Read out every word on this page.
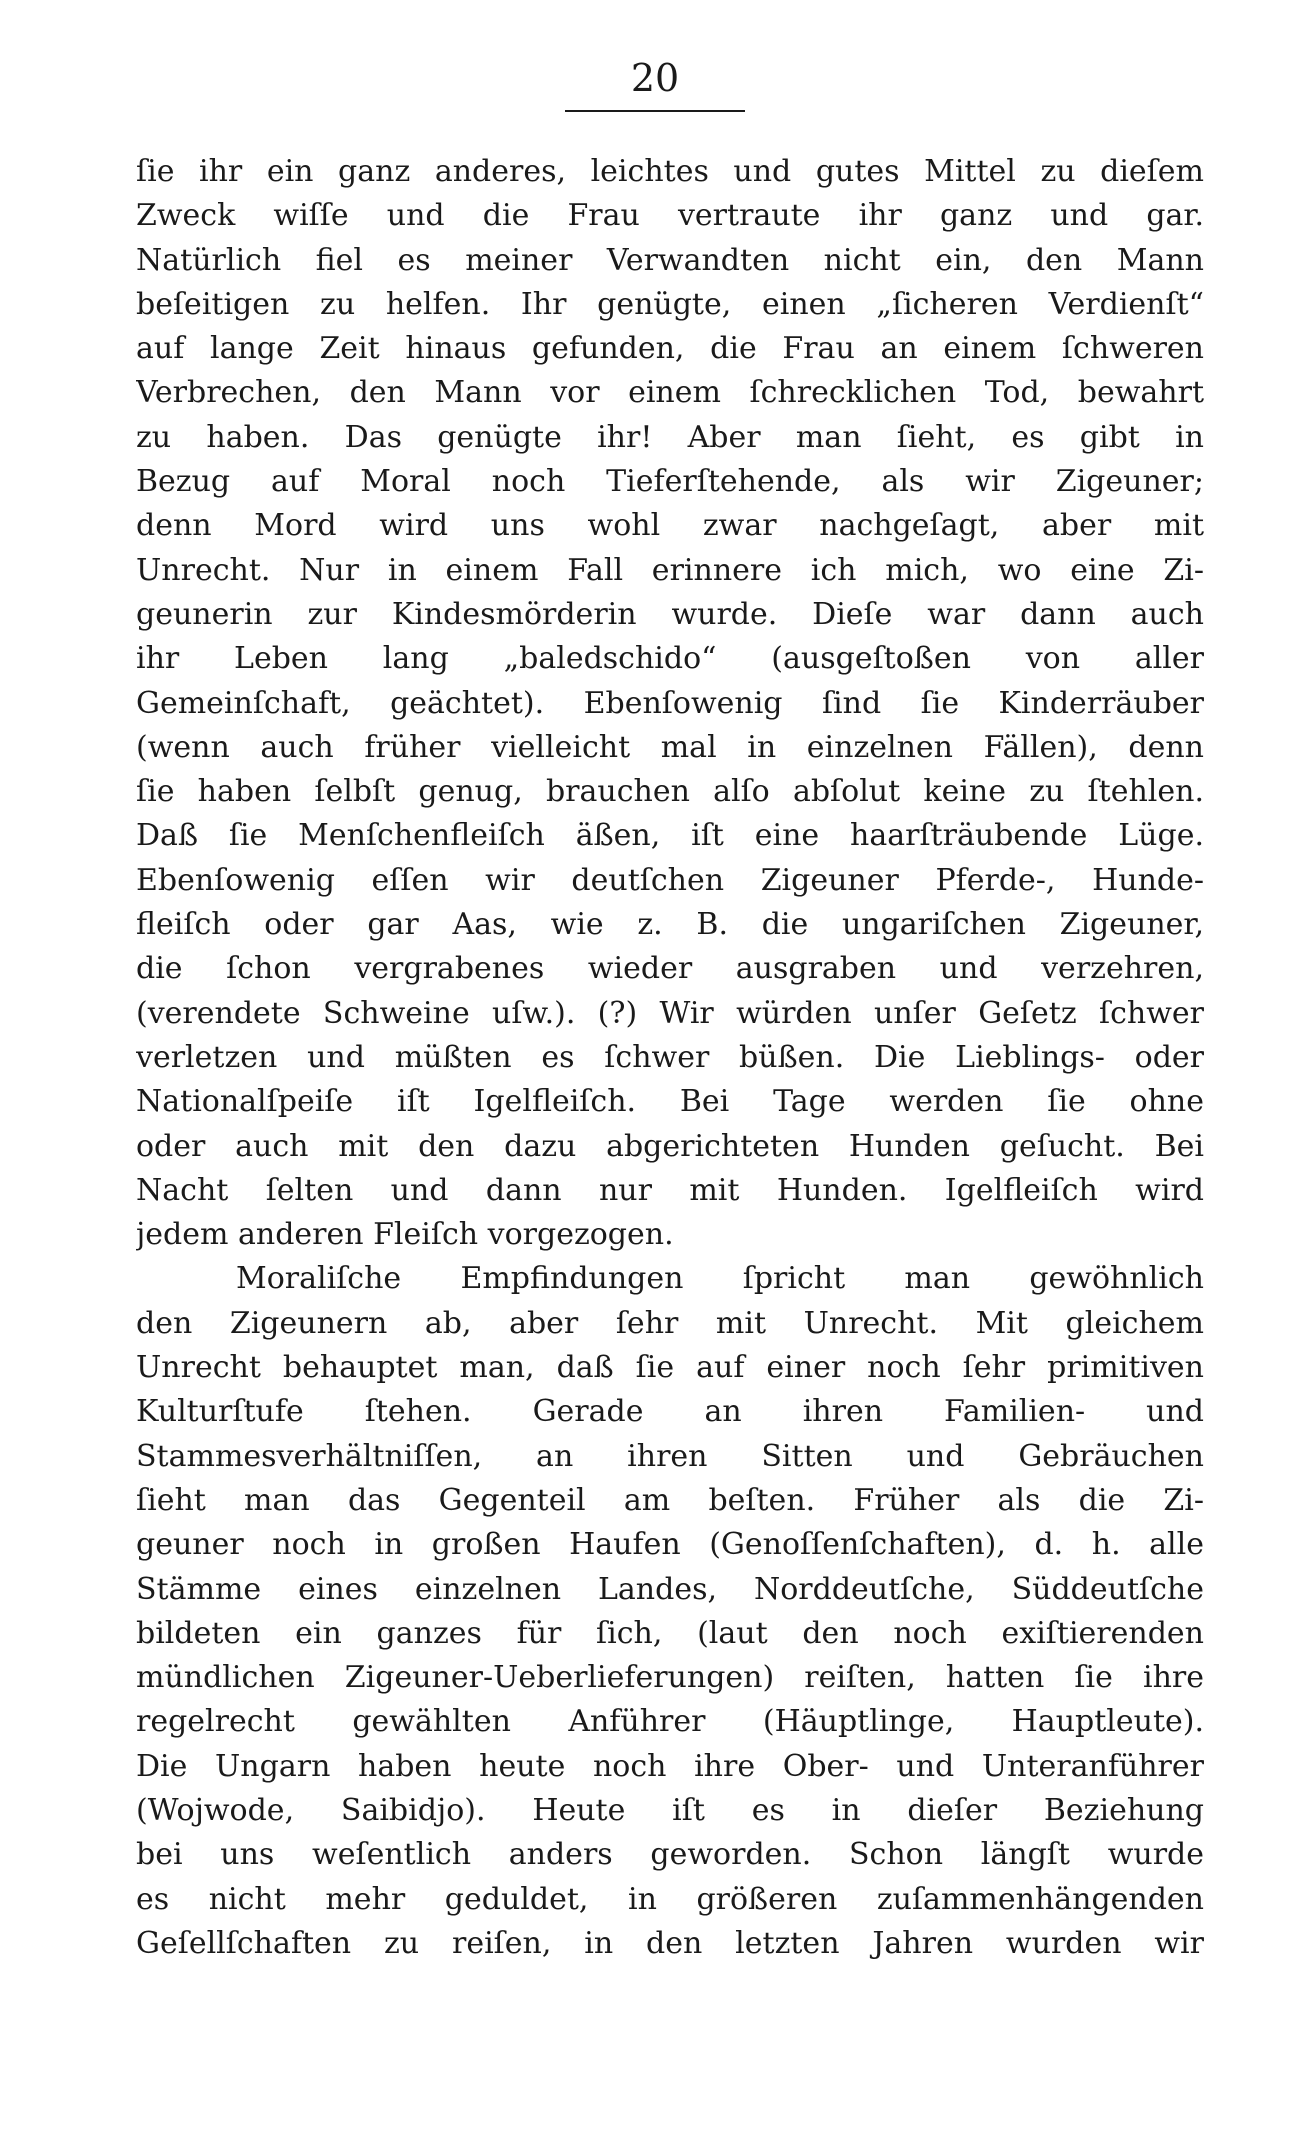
20
ſie ihr ein ganz anderes, leichtes und gutes Mittel zu dieſem
Zweck wiſſe und die Frau vertraute ihr ganz und gar.
Natürlich fiel es meiner Verwandten nicht ein, den Mann
beſeitigen zu helfen. Ihr genügte, einen „ſicheren Verdienſt“
auf lange Zeit hinaus gefunden, die Frau an einem ſchweren
Verbrechen, den Mann vor einem ſchrecklichen Tod, bewahrt
zu haben. Das genügte ihr! Aber man ſieht, es gibt in
Bezug auf Moral noch Tieferſtehende, als wir Zigeuner;
denn Mord wird uns wohl zwar nachgeſagt, aber mit
Unrecht. Nur in einem Fall erinnere ich mich, wo eine Zi-
geunerin zur Kindesmörderin wurde. Dieſe war dann auch
ihr Leben lang „baledschido“ (ausgeſtoßen von aller
Gemeinſchaft, geächtet). Ebenſowenig ſind ſie Kinderräuber
(wenn auch früher vielleicht mal in einzelnen Fällen), denn
ſie haben ſelbſt genug, brauchen alſo abſolut keine zu ſtehlen.
Daß ſie Menſchenfleiſch äßen, iſt eine haarſträubende Lüge.
Ebenſowenig eſſen wir deutſchen Zigeuner Pferde-, Hunde-
fleiſch oder gar Aas, wie z. B. die ungariſchen Zigeuner,
die ſchon vergrabenes wieder ausgraben und verzehren,
(verendete Schweine uſw.). (?) Wir würden unſer Geſetz ſchwer
verletzen und müßten es ſchwer büßen. Die Lieblings- oder
Nationalſpeiſe iſt Igelfleiſch. Bei Tage werden ſie ohne
oder auch mit den dazu abgerichteten Hunden geſucht. Bei
Nacht ſelten und dann nur mit Hunden. Igelfleiſch wird
jedem anderen Fleiſch vorgezogen.
Moraliſche Empfindungen ſpricht man gewöhnlich
den Zigeunern ab, aber ſehr mit Unrecht. Mit gleichem
Unrecht behauptet man, daß ſie auf einer noch ſehr primitiven
Kulturſtufe ſtehen. Gerade an ihren Familien- und
Stammesverhältniſſen, an ihren Sitten und Gebräuchen
ſieht man das Gegenteil am beſten. Früher als die Zi-
geuner noch in großen Haufen (Genoſſenſchaften), d. h. alle
Stämme eines einzelnen Landes, Norddeutſche, Süddeutſche
bildeten ein ganzes für ſich, (laut den noch exiſtierenden
mündlichen Zigeuner-Ueberlieferungen) reiſten, hatten ſie ihre
regelrecht gewählten Anführer (Häuptlinge, Hauptleute).
Die Ungarn haben heute noch ihre Ober- und Unteranführer
(Wojwode, Saibidjo). Heute iſt es in dieſer Beziehung
bei uns weſentlich anders geworden. Schon längſt wurde
es nicht mehr geduldet, in größeren zuſammenhängenden
Geſellſchaften zu reiſen, in den letzten Jahren wurden wir
